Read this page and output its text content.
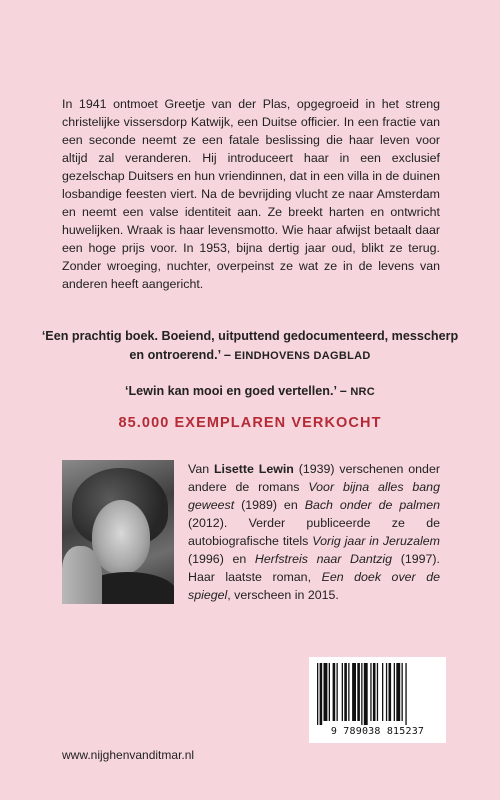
In 1941 ontmoet Greetje van der Plas, opgegroeid in het streng christelijke vissersdorp Katwijk, een Duitse officier. In een fractie van een seconde neemt ze een fatale beslissing die haar leven voor altijd zal veranderen. Hij introduceert haar in een exclusief gezelschap Duitsers en hun vriendinnen, dat in een villa in de duinen losbandige feesten viert. Na de bevrijding vlucht ze naar Amsterdam en neemt een valse identiteit aan. Ze breekt harten en ontwricht huwelijken. Wraak is haar levensmotto. Wie haar afwijst betaalt daar een hoge prijs voor. In 1953, bijna dertig jaar oud, blikt ze terug. Zonder wroeging, nuchter, overpeinst ze wat ze in de levens van anderen heeft aangericht.

‘Een prachtig boek. Boeiend, uitputtend gedocumenteerd, messcherp en ontroerend.’ – EINDHOVENS DAGBLAD

‘Lewin kan mooi en goed vertellen.’ – NRC

85.000 EXEMPLAREN VERKOCHT

Van Lisette Lewin (1939) verschenen onder andere de romans Voor bijna alles bang geweest (1989) en Bach onder de palmen (2012). Verder publiceerde ze de autobiografische titels Vorig jaar in Jeruzalem (1996) en Herfstreis naar Dantzig (1997). Haar laatste roman, Een doek over de spiegel, verscheen in 2015.

9 789038 815237

www.nijghenvanditmar.nl
